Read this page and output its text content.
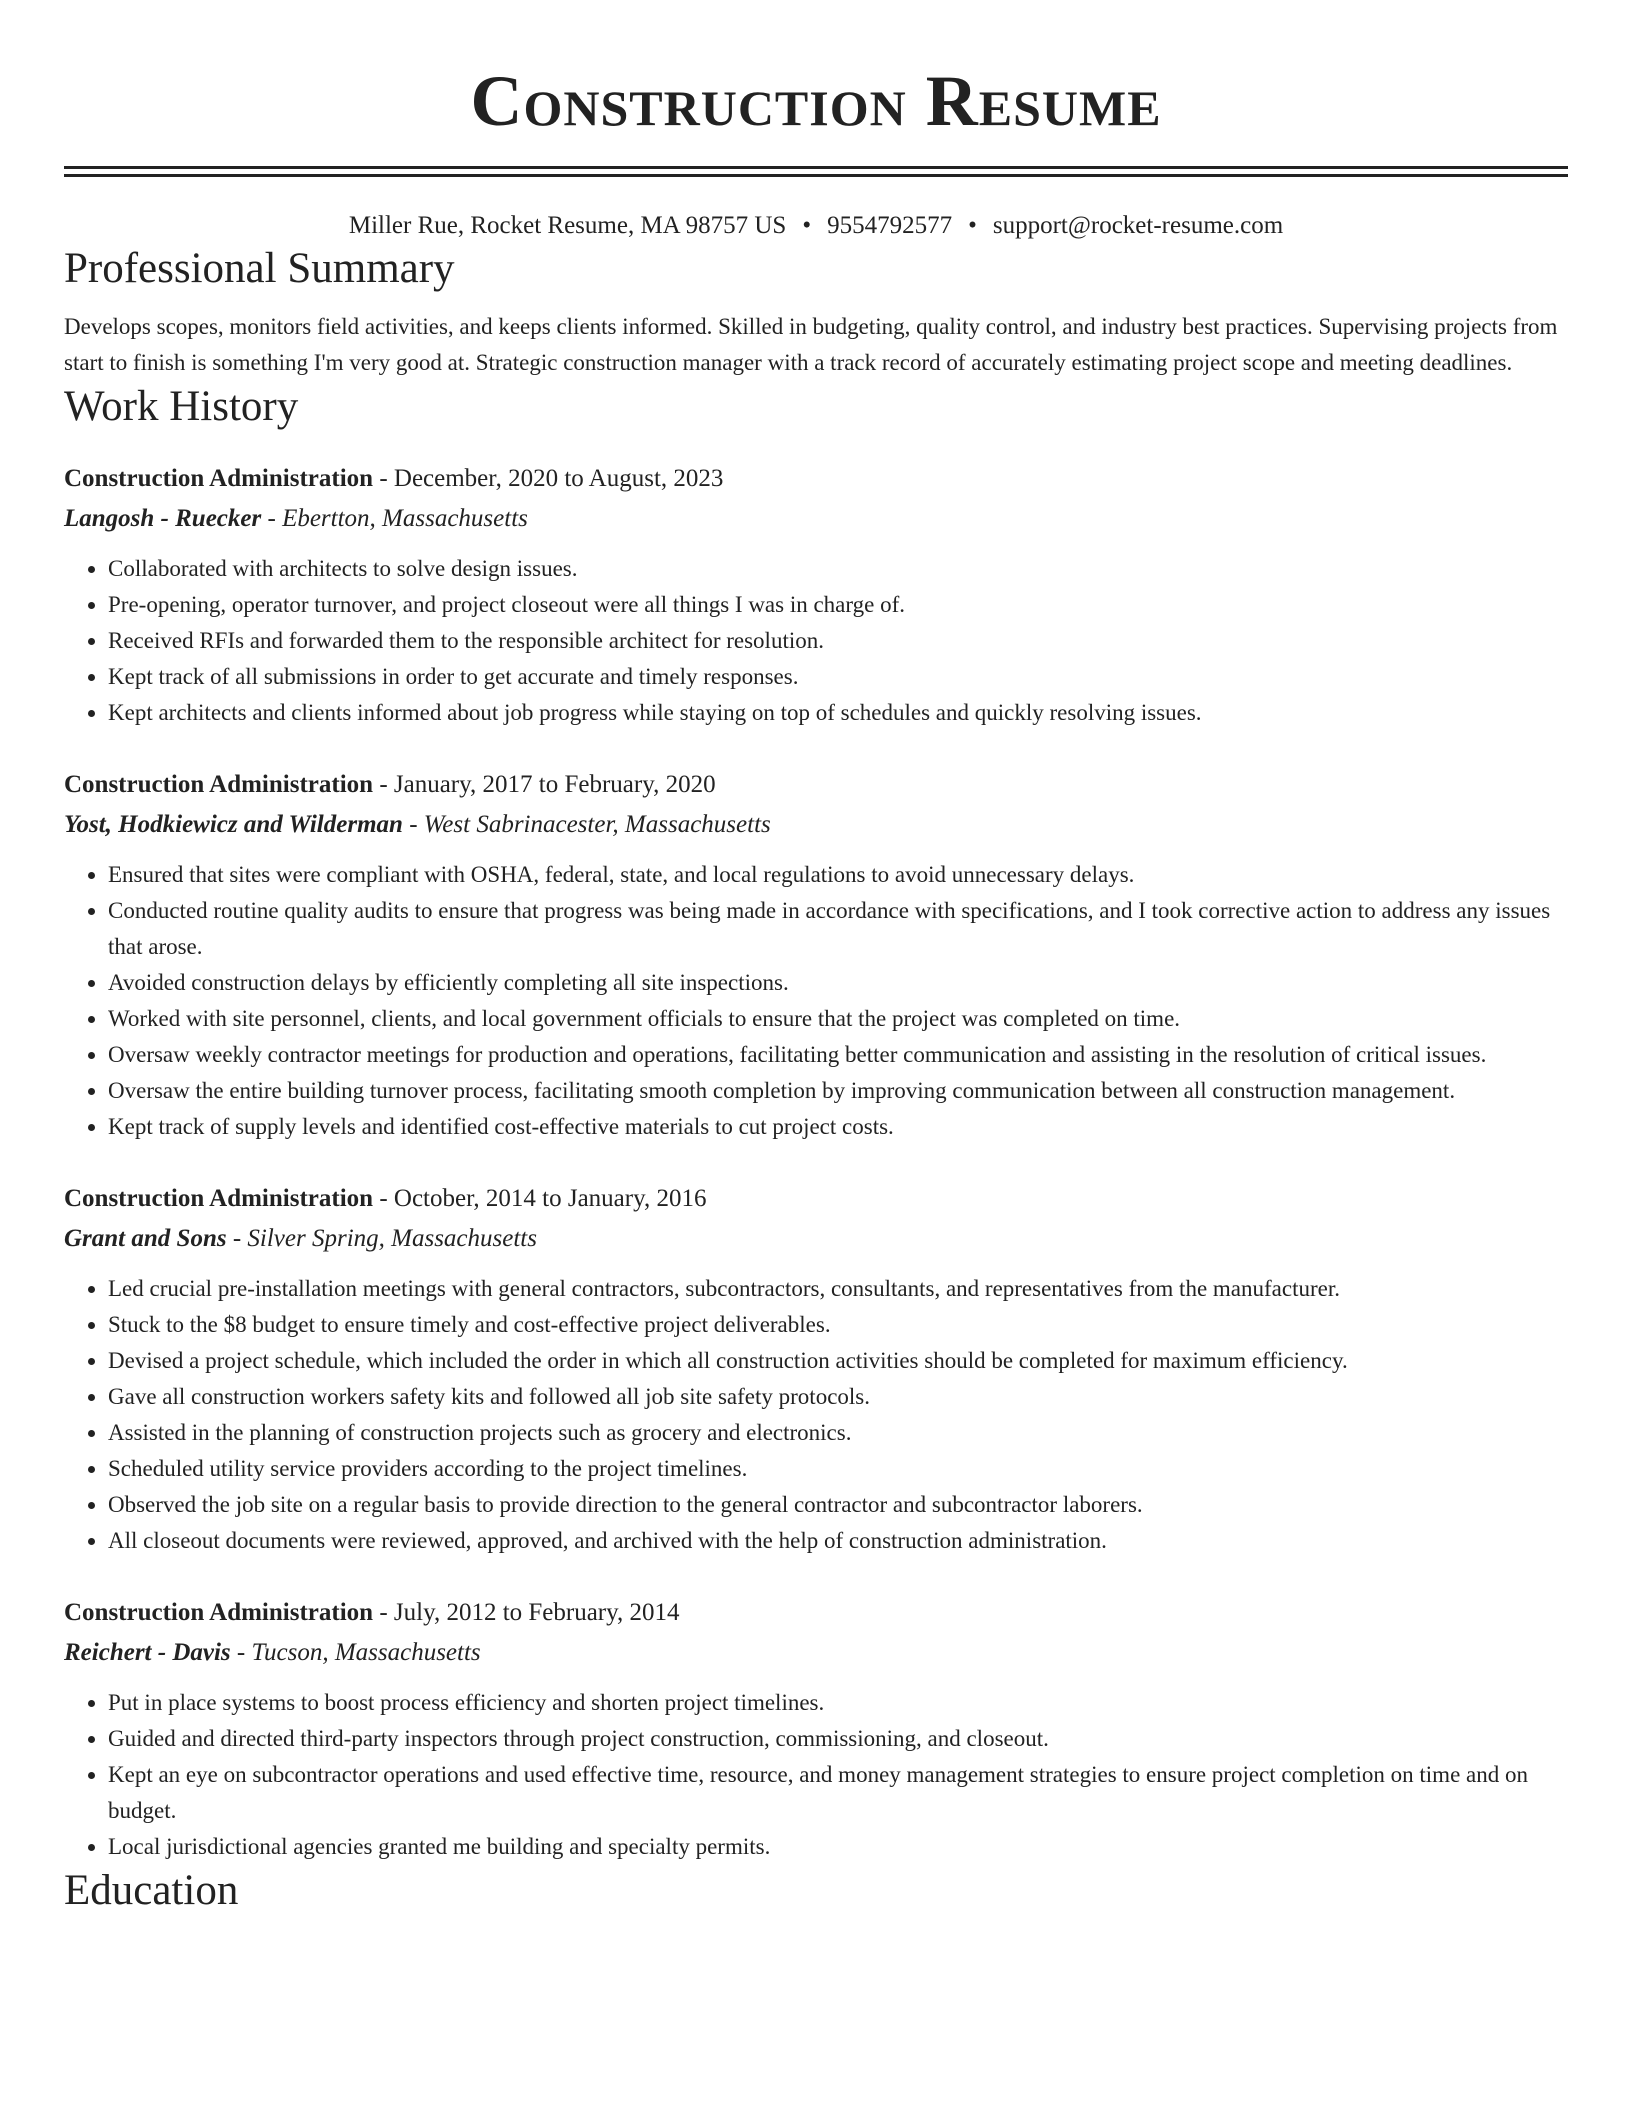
Construction Resume
Miller Rue, Rocket Resume, MA 98757 US • 9554792577 • support@rocket-resume.com
Professional Summary

Develops scopes, monitors field activities, and keeps clients informed. Skilled in budgeting, quality control, and industry best practices. Supervising projects from start to finish is something I'm very good at. Strategic construction manager with a track record of accurately estimating project scope and meeting deadlines.

Work History
Construction Administration - December, 2020 to August, 2023
Langosh - Ruecker - Ebertton, Massachusetts
• Collaborated with architects to solve design issues.
• Pre-opening, operator turnover, and project closeout were all things I was in charge of.
• Received RFIs and forwarded them to the responsible architect for resolution.
• Kept track of all submissions in order to get accurate and timely responses.
• Kept architects and clients informed about job progress while staying on top of schedules and quickly resolving issues.
Construction Administration - January, 2017 to February, 2020
Yost, Hodkiewicz and Wilderman - West Sabrinacester, Massachusetts
• Ensured that sites were compliant with OSHA, federal, state, and local regulations to avoid unnecessary delays.
• Conducted routine quality audits to ensure that progress was being made in accordance with specifications, and I took corrective action to address any issues that arose.
• Avoided construction delays by efficiently completing all site inspections.
• Worked with site personnel, clients, and local government officials to ensure that the project was completed on time.
• Oversaw weekly contractor meetings for production and operations, facilitating better communication and assisting in the resolution of critical issues.
• Oversaw the entire building turnover process, facilitating smooth completion by improving communication between all construction management.
• Kept track of supply levels and identified cost-effective materials to cut project costs.
Construction Administration - October, 2014 to January, 2016
Grant and Sons - Silver Spring, Massachusetts
• Led crucial pre-installation meetings with general contractors, subcontractors, consultants, and representatives from the manufacturer.
• Stuck to the $8 budget to ensure timely and cost-effective project deliverables.
• Devised a project schedule, which included the order in which all construction activities should be completed for maximum efficiency.
• Gave all construction workers safety kits and followed all job site safety protocols.
• Assisted in the planning of construction projects such as grocery and electronics.
• Scheduled utility service providers according to the project timelines.
• Observed the job site on a regular basis to provide direction to the general contractor and subcontractor laborers.
• All closeout documents were reviewed, approved, and archived with the help of construction administration.
Construction Administration - July, 2012 to February, 2014
Reichert - Davis - Tucson, Massachusetts
• Put in place systems to boost process efficiency and shorten project timelines.
• Guided and directed third-party inspectors through project construction, commissioning, and closeout.
• Kept an eye on subcontractor operations and used effective time, resource, and money management strategies to ensure project completion on time and on budget.
• Local jurisdictional agencies granted me building and specialty permits.
Education
